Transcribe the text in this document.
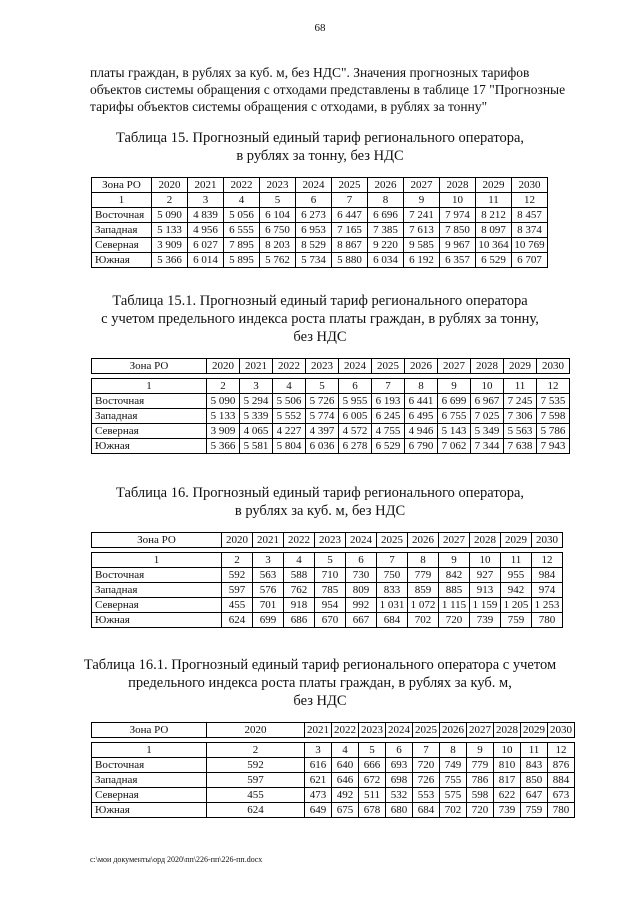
68
платы граждан, в рублях за куб. м, без НДС". Значения прогнозных тарифов
объектов системы обращения с отходами представлены в таблице 17 "Прогнозные
тарифы объектов системы обращения с отходами, в рублях за тонну"
Таблица 15. Прогнозный единый тариф регионального оператора,
в рублях за тонну, без НДС
Зона РО	2020	2021	2022	2023	2024	2025	2026	2027	2028	2029	2030
1	2	3	4	5	6	7	8	9	10	11	12
Восточная	5 090	4 839	5 056	6 104	6 273	6 447	6 696	7 241	7 974	8 212	8 457
Западная	5 133	4 956	6 555	6 750	6 953	7 165	7 385	7 613	7 850	8 097	8 374
Северная	3 909	6 027	7 895	8 203	8 529	8 867	9 220	9 585	9 967	10 364	10 769
Южная	5 366	6 014	5 895	5 762	5 734	5 880	6 034	6 192	6 357	6 529	6 707
Таблица 15.1. Прогнозный единый тариф регионального оператора
с учетом предельного индекса роста платы граждан, в рублях за тонну,
без НДС
Зона РО	2020	2021	2022	2023	2024	2025	2026	2027	2028	2029	2030

1	2	3	4	5	6	7	8	9	10	11	12
Восточная	5 090	5 294	5 506	5 726	5 955	6 193	6 441	6 699	6 967	7 245	7 535
Западная	5 133	5 339	5 552	5 774	6 005	6 245	6 495	6 755	7 025	7 306	7 598
Северная	3 909	4 065	4 227	4 397	4 572	4 755	4 946	5 143	5 349	5 563	5 786
Южная	5 366	5 581	5 804	6 036	6 278	6 529	6 790	7 062	7 344	7 638	7 943
Таблица 16. Прогнозный единый тариф регионального оператора,
в рублях за куб. м, без НДС
Зона РО	2020	2021	2022	2023	2024	2025	2026	2027	2028	2029	2030

1	2	3	4	5	6	7	8	9	10	11	12
Восточная	592	563	588	710	730	750	779	842	927	955	984
Западная	597	576	762	785	809	833	859	885	913	942	974
Северная	455	701	918	954	992	1 031	1 072	1 115	1 159	1 205	1 253
Южная	624	699	686	670	667	684	702	720	739	759	780
Таблица 16.1. Прогнозный единый тариф регионального оператора с учетом
предельного индекса роста платы граждан, в рублях за куб. м,
без НДС
Зона РО	2020	2021	2022	2023	2024	2025	2026	2027	2028	2029	2030

1	2	3	4	5	6	7	8	9	10	11	12
Восточная	592	616	640	666	693	720	749	779	810	843	876
Западная	597	621	646	672	698	726	755	786	817	850	884
Северная	455	473	492	511	532	553	575	598	622	647	673
Южная	624	649	675	678	680	684	702	720	739	759	780
c:\мои документы\орд 2020\пп\226-пп\226-пп.docx
